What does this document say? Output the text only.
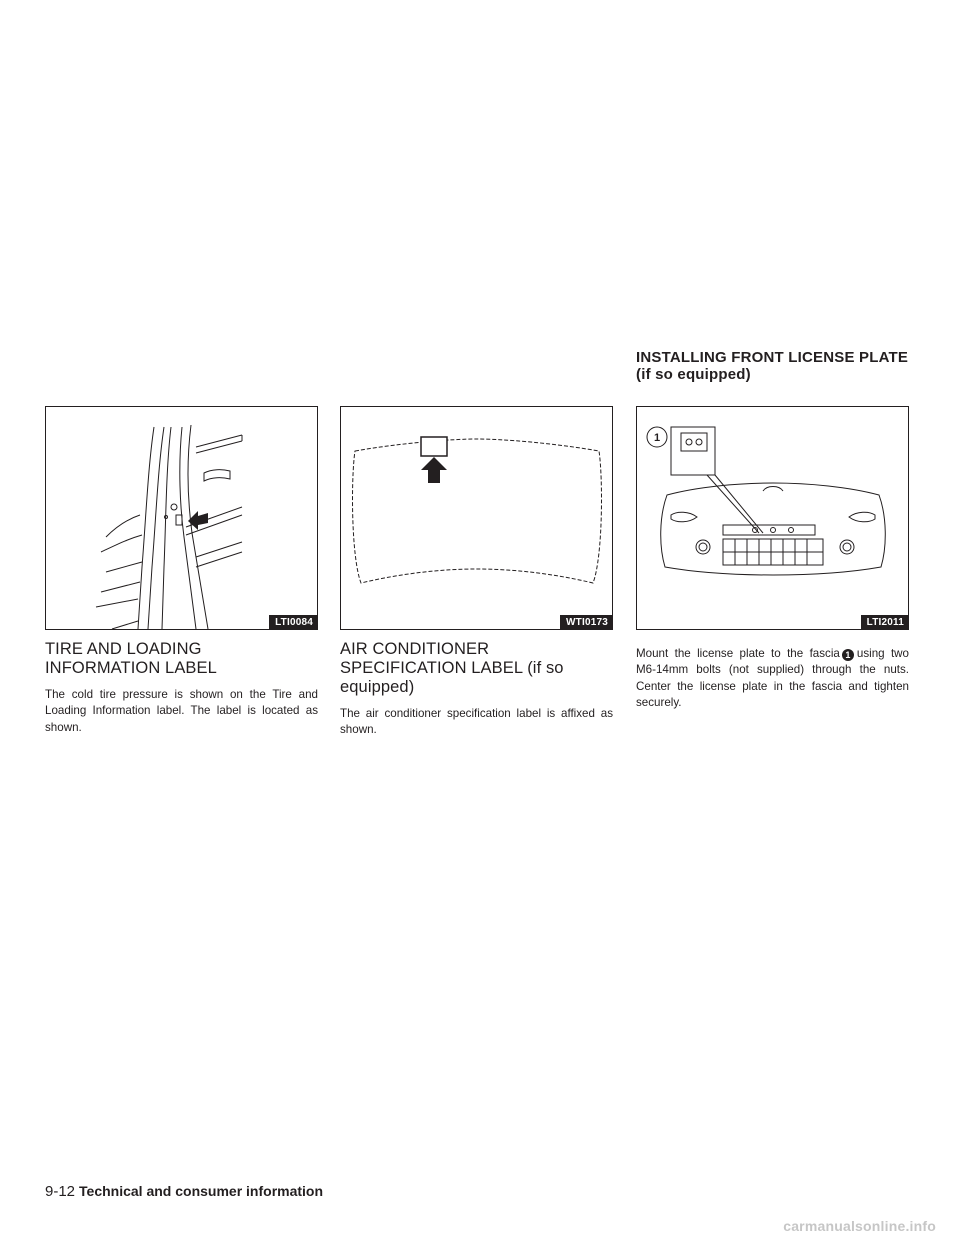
INSTALLING FRONT LICENSE PLATE
(if so equipped)
LTI0084
TIRE AND LOADING INFORMATION LABEL

The cold tire pressure is shown on the Tire and Loading Information label. The label is located as shown.

WTI0173
AIR CONDITIONER SPECIFICATION LABEL (if so equipped)

The air conditioner specification label is affixed as shown.

1
LTI2011

Mount the license plate to the fascia 1 using two M6-14mm bolts (not supplied) through the nuts. Center the license plate in the fascia and tighten securely.

9-12 Technical and consumer information
carmanualsonline.info
